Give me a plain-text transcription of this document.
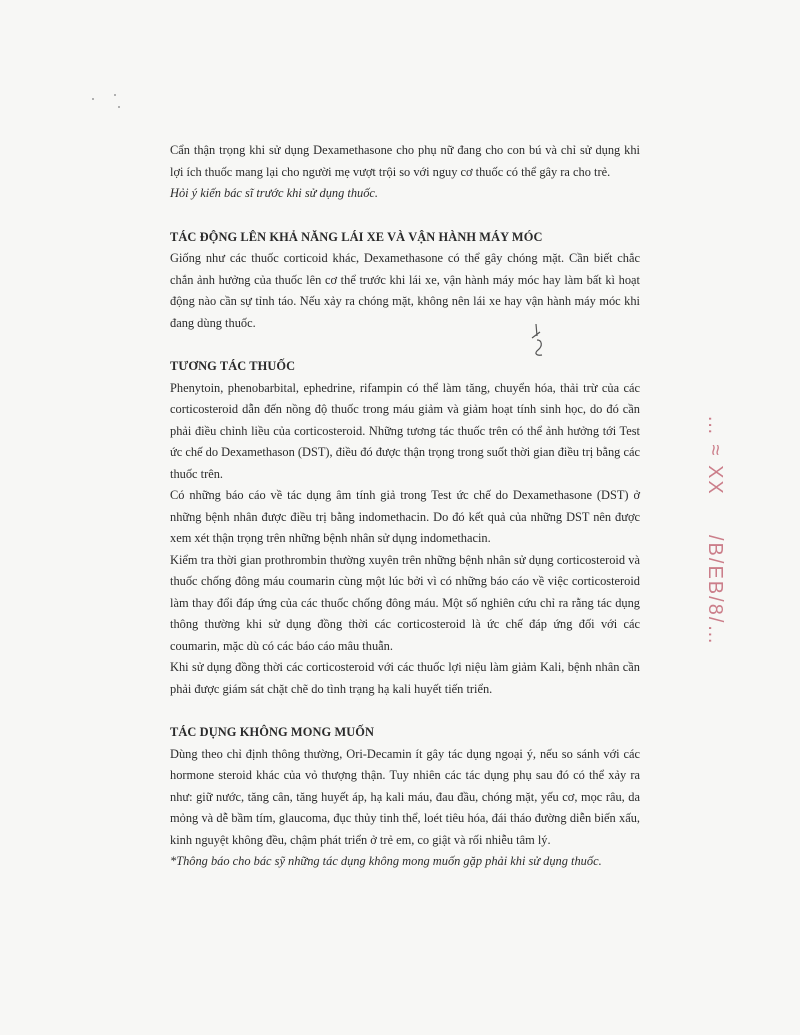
Cẩn thận trọng khi sử dụng Dexamethasone cho phụ nữ đang cho con bú và chỉ sử dụng khi lợi ích thuốc mang lại cho người mẹ vượt trội so với nguy cơ thuốc có thể gây ra cho trẻ.

Hỏi ý kiến bác sĩ trước khi sử dụng thuốc.

TÁC ĐỘNG LÊN KHẢ NĂNG LÁI XE VÀ VẬN HÀNH MÁY MÓC

Giống như các thuốc corticoid khác, Dexamethasone có thể gây chóng mặt. Cần biết chắc chắn ảnh hưởng của thuốc lên cơ thể trước khi lái xe, vận hành máy móc hay làm bất kì hoạt động nào cần sự tỉnh táo. Nếu xảy ra chóng mặt, không nên lái xe hay vận hành máy móc khi đang dùng thuốc.

TƯƠNG TÁC THUỐC

Phenytoin, phenobarbital, ephedrine, rifampin có thể làm tăng, chuyển hóa, thải trừ của các corticosteroid dẫn đến nồng độ thuốc trong máu giảm và giảm hoạt tính sinh học, do đó cần phải điều chỉnh liều của corticosteroid. Những tương tác thuốc trên có thể ảnh hưởng tới Test ức chế do Dexamethason (DST), điều đó được thận trọng trong suốt thời gian điều trị bằng các thuốc trên.

Có những báo cáo về tác dụng âm tính giả trong Test ức chế do Dexamethasone (DST) ở những bệnh nhân được điều trị bằng indomethacin. Do đó kết quả của những DST nên được xem xét thận trọng trên những bệnh nhân sử dụng indomethacin.

Kiểm tra thời gian prothrombin thường xuyên trên những bệnh nhân sử dụng corticosteroid và thuốc chống đông máu coumarin cùng một lúc bởi vì có những báo cáo về việc corticosteroid làm thay đổi đáp ứng của các thuốc chống đông máu. Một số nghiên cứu chỉ ra rằng tác dụng thông thường khi sử dụng đồng thời các corticosteroid là ức chế đáp ứng đối với các coumarin, mặc dù có các báo cáo mâu thuẫn.

Khi sử dụng đồng thời các corticosteroid với các thuốc lợi niệu làm giảm Kali, bệnh nhân cần phải được giám sát chặt chẽ do tình trạng hạ kali huyết tiến triển.

TÁC DỤNG KHÔNG MONG MUỐN

Dùng theo chỉ định thông thường, Ori-Decamin ít gây tác dụng ngoại ý, nếu so sánh với các hormone steroid khác của vỏ thượng thận. Tuy nhiên các tác dụng phụ sau đó có thể xảy ra như: giữ nước, tăng cân, tăng huyết áp, hạ kali máu, đau đầu, chóng mặt, yếu cơ, mọc râu, da mỏng và dễ bầm tím, glaucoma, đục thủy tinh thể, loét tiêu hóa, đái tháo đường diễn biến xấu, kinh nguyệt không đều, chậm phát triển ở trẻ em, co giật và rối nhiễu tâm lý.

*Thông báo cho bác sỹ những tác dụng không mong muốn gặp phải khi sử dụng thuốc.

… ≈ XX
/B/EB/8/…
